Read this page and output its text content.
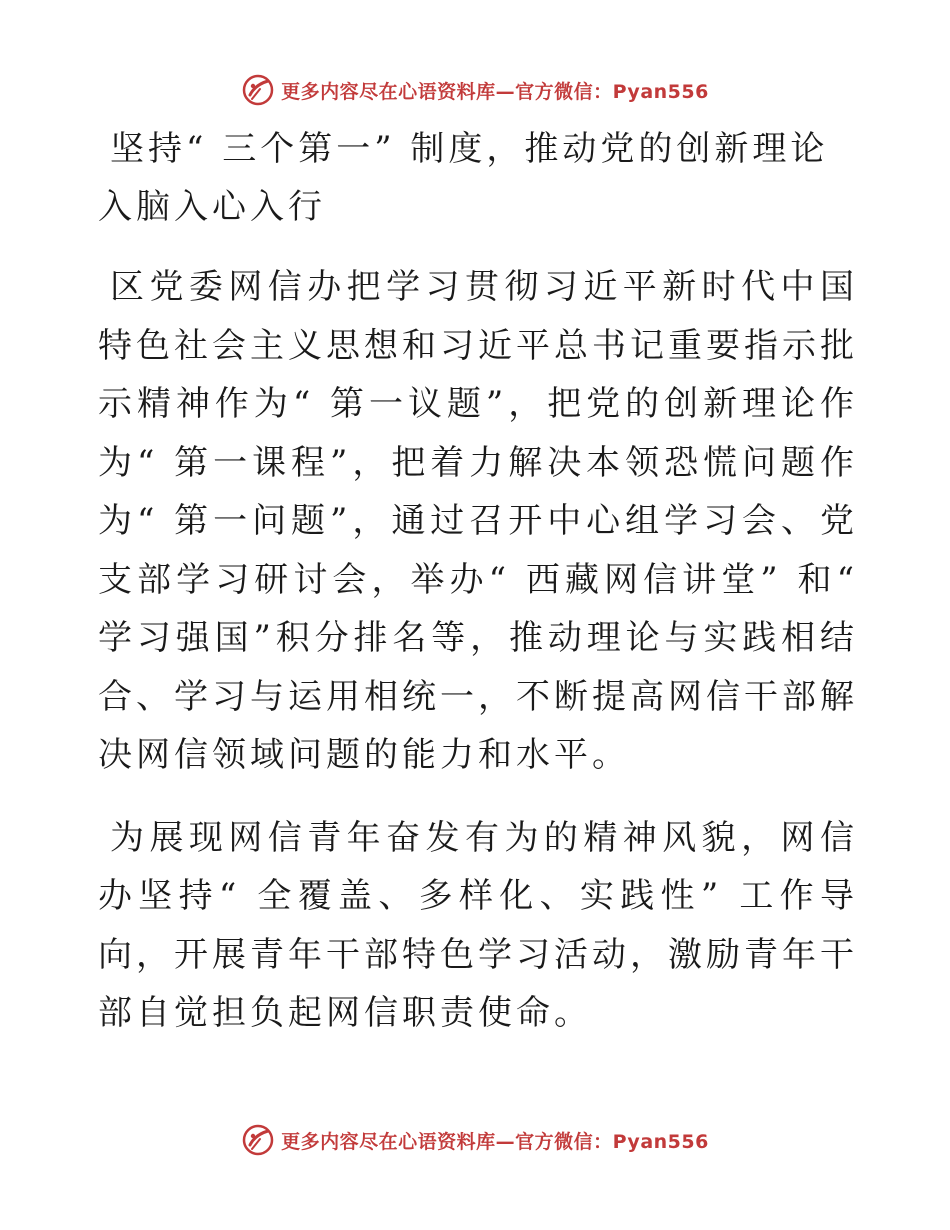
更多内容尽在心语资料库—官方微信：Pyan556
坚持“ 三个第一” 制度，推动党的创新理论入脑入心入行

区党委网信办把学习贯彻习近平新时代中国特色社会主义思想和习近平总书记重要指示批示精神作为“ 第一议题”，把党的创新理论作为“ 第一课程”，把着力解决本领恐慌问题作为“ 第一问题”，通过召开中心组学习会、党支部学习研讨会，举办“ 西藏网信讲堂” 和“ 学习强国”积分排名等，推动理论与实践相结合、学习与运用相统一，不断提高网信干部解决网信领域问题的能力和水平。

为展现网信青年奋发有为的精神风貌，网信办坚持“ 全覆盖、多样化、实践性” 工作导向，开展青年干部特色学习活动，激励青年干部自觉担负起网信职责使命。

更多内容尽在心语资料库—官方微信：Pyan556
